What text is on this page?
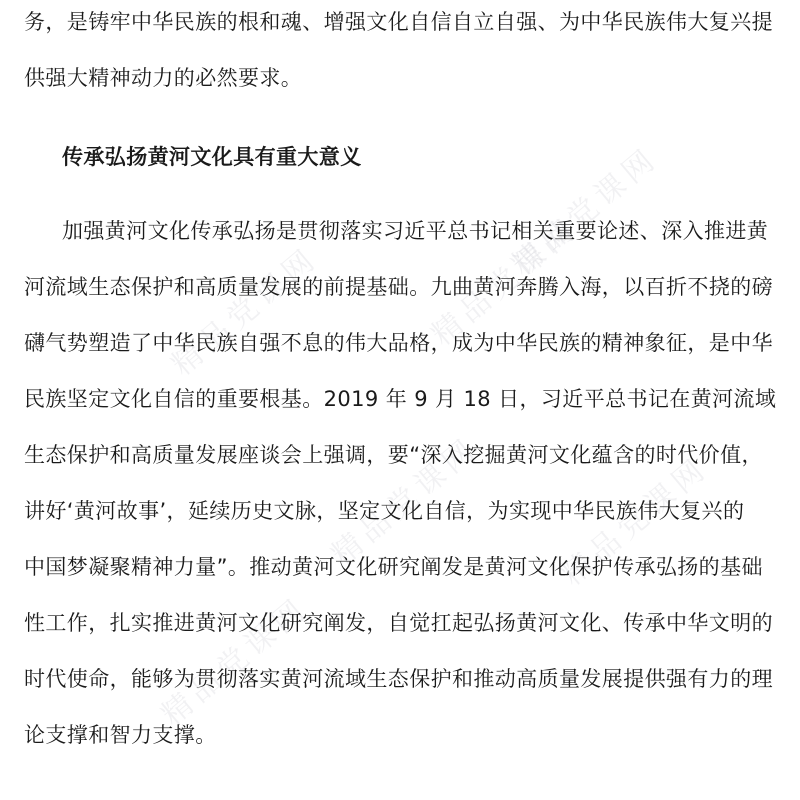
精品党课网	精品党课网
精品党课网
精品党课网
精品党课网
精品党课网
务，是铸牢中华民族的根和魂、增强文化自信自立自强、为中华民族伟大复兴提
供强大精神动力的必然要求。
传承弘扬黄河文化具有重大意义
加强黄河文化传承弘扬是贯彻落实习近平总书记相关重要论述、深入推进黄
河流域生态保护和高质量发展的前提基础。九曲黄河奔腾入海，以百折不挠的磅
礴气势塑造了中华民族自强不息的伟大品格，成为中华民族的精神象征，是中华
民族坚定文化自信的重要根基。2019 年 9 月 18 日，习近平总书记在黄河流域
生态保护和高质量发展座谈会上强调，要“深入挖掘黄河文化蕴含的时代价值，
讲好‘黄河故事’，延续历史文脉，坚定文化自信，为实现中华民族伟大复兴的
中国梦凝聚精神力量”。推动黄河文化研究阐发是黄河文化保护传承弘扬的基础
性工作，扎实推进黄河文化研究阐发，自觉扛起弘扬黄河文化、传承中华文明的
时代使命，能够为贯彻落实黄河流域生态保护和推动高质量发展提供强有力的理
论支撑和智力支撑。
